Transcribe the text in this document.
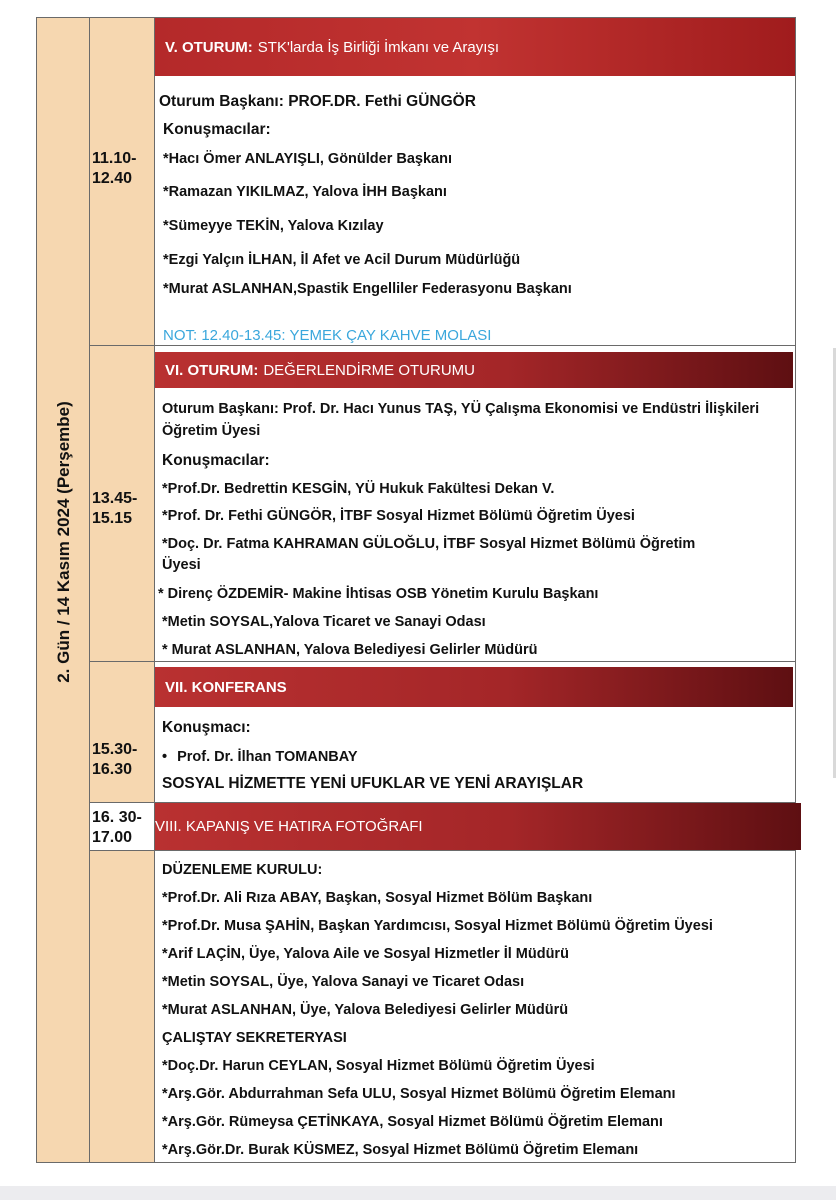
2. Gün / 14 Kasım 2024 (Perşembe)
11.10-
12.40
13.45-
15.15
15.30-
16.30
16. 30-
17.00
V. OTURUM: STK'larda İş Birliği İmkanı ve Arayışı
Oturum Başkanı: PROF.DR. Fethi GÜNGÖR
Konuşmacılar:
*Hacı Ömer ANLAYIŞLI, Gönülder Başkanı
*Ramazan YIKILMAZ, Yalova İHH Başkanı
*Sümeyye TEKİN, Yalova Kızılay
*Ezgi Yalçın İLHAN, İl Afet ve Acil Durum Müdürlüğü
*Murat ASLANHAN,Spastik Engelliler Federasyonu Başkanı
NOT: 12.40-13.45: YEMEK ÇAY KAHVE MOLASI
VI. OTURUM: DEĞERLENDİRME OTURUMU
Oturum Başkanı: Prof. Dr. Hacı Yunus TAŞ, YÜ Çalışma Ekonomisi ve Endüstri İlişkileri
Öğretim Üyesi
Konuşmacılar:
*Prof.Dr. Bedrettin KESGİN, YÜ Hukuk Fakültesi Dekan V.
*Prof. Dr. Fethi GÜNGÖR, İTBF Sosyal Hizmet Bölümü Öğretim Üyesi
*Doç. Dr. Fatma KAHRAMAN GÜLOĞLU, İTBF Sosyal Hizmet Bölümü Öğretim
Üyesi
* Direnç ÖZDEMİR- Makine İhtisas OSB Yönetim Kurulu Başkanı
*Metin SOYSAL,Yalova Ticaret ve Sanayi Odası
* Murat ASLANHAN, Yalova Belediyesi Gelirler Müdürü
VII. KONFERANS
Konuşmacı:
• Prof. Dr. İlhan TOMANBAY
SOSYAL HİZMETTE YENİ UFUKLAR VE YENİ ARAYIŞLAR
VIII. KAPANIŞ VE HATIRA FOTOĞRAFI
DÜZENLEME KURULU:
*Prof.Dr. Ali Rıza ABAY, Başkan, Sosyal Hizmet Bölüm Başkanı
*Prof.Dr. Musa ŞAHİN, Başkan Yardımcısı, Sosyal Hizmet Bölümü Öğretim Üyesi
*Arif LAÇİN, Üye, Yalova Aile ve Sosyal Hizmetler İl Müdürü
*Metin SOYSAL, Üye, Yalova Sanayi ve Ticaret Odası
*Murat ASLANHAN, Üye, Yalova Belediyesi Gelirler Müdürü
ÇALIŞTAY SEKRETERYASI
*Doç.Dr. Harun CEYLAN, Sosyal Hizmet Bölümü Öğretim Üyesi
*Arş.Gör. Abdurrahman Sefa ULU, Sosyal Hizmet Bölümü Öğretim Elemanı
*Arş.Gör. Rümeysa ÇETİNKAYA, Sosyal Hizmet Bölümü Öğretim Elemanı
*Arş.Gör.Dr. Burak KÜSMEZ, Sosyal Hizmet Bölümü Öğretim Elemanı
